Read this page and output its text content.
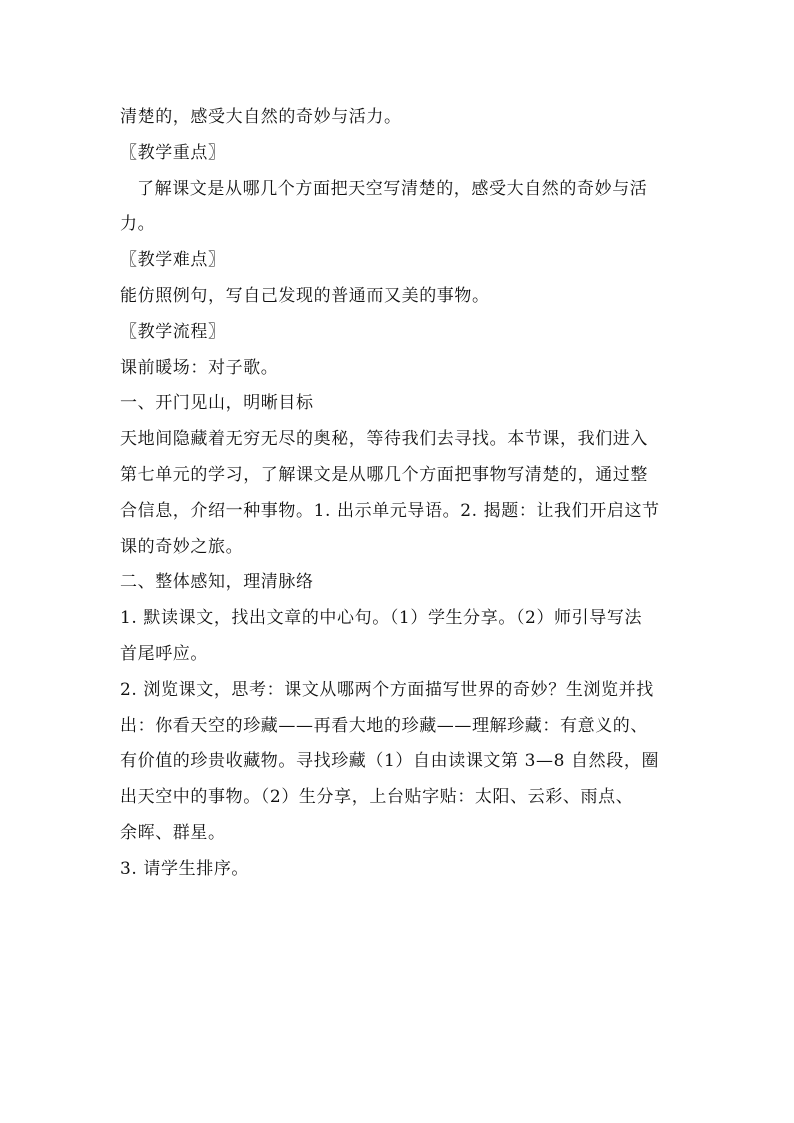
清楚的，感受大自然的奇妙与活力。

〖教学重点〗

了解课文是从哪几个方面把天空写清楚的，感受大自然的奇妙与活

力。

〖教学难点〗

能仿照例句，写自己发现的普通而又美的事物。

〖教学流程〗

课前暖场：对子歌。

一、开门见山，明晰目标

天地间隐藏着无穷无尽的奥秘，等待我们去寻找。本节课，我们进入

第七单元的学习，了解课文是从哪几个方面把事物写清楚的，通过整

合信息，介绍一种事物。1. 出示单元导语。2. 揭题：让我们开启这节

课的奇妙之旅。

二、整体感知，理清脉络

1. 默读课文，找出文章的中心句。（1）学生分享。（2）师引导写法

首尾呼应。

2. 浏览课文，思考：课文从哪两个方面描写世界的奇妙？生浏览并找

出：你看天空的珍藏——再看大地的珍藏——理解珍藏：有意义的、

有价值的珍贵收藏物。寻找珍藏（1）自由读课文第 3—8 自然段，圈

出天空中的事物。（2）生分享，上台贴字贴：太阳、云彩、雨点、

余晖、群星。

3. 请学生排序。
